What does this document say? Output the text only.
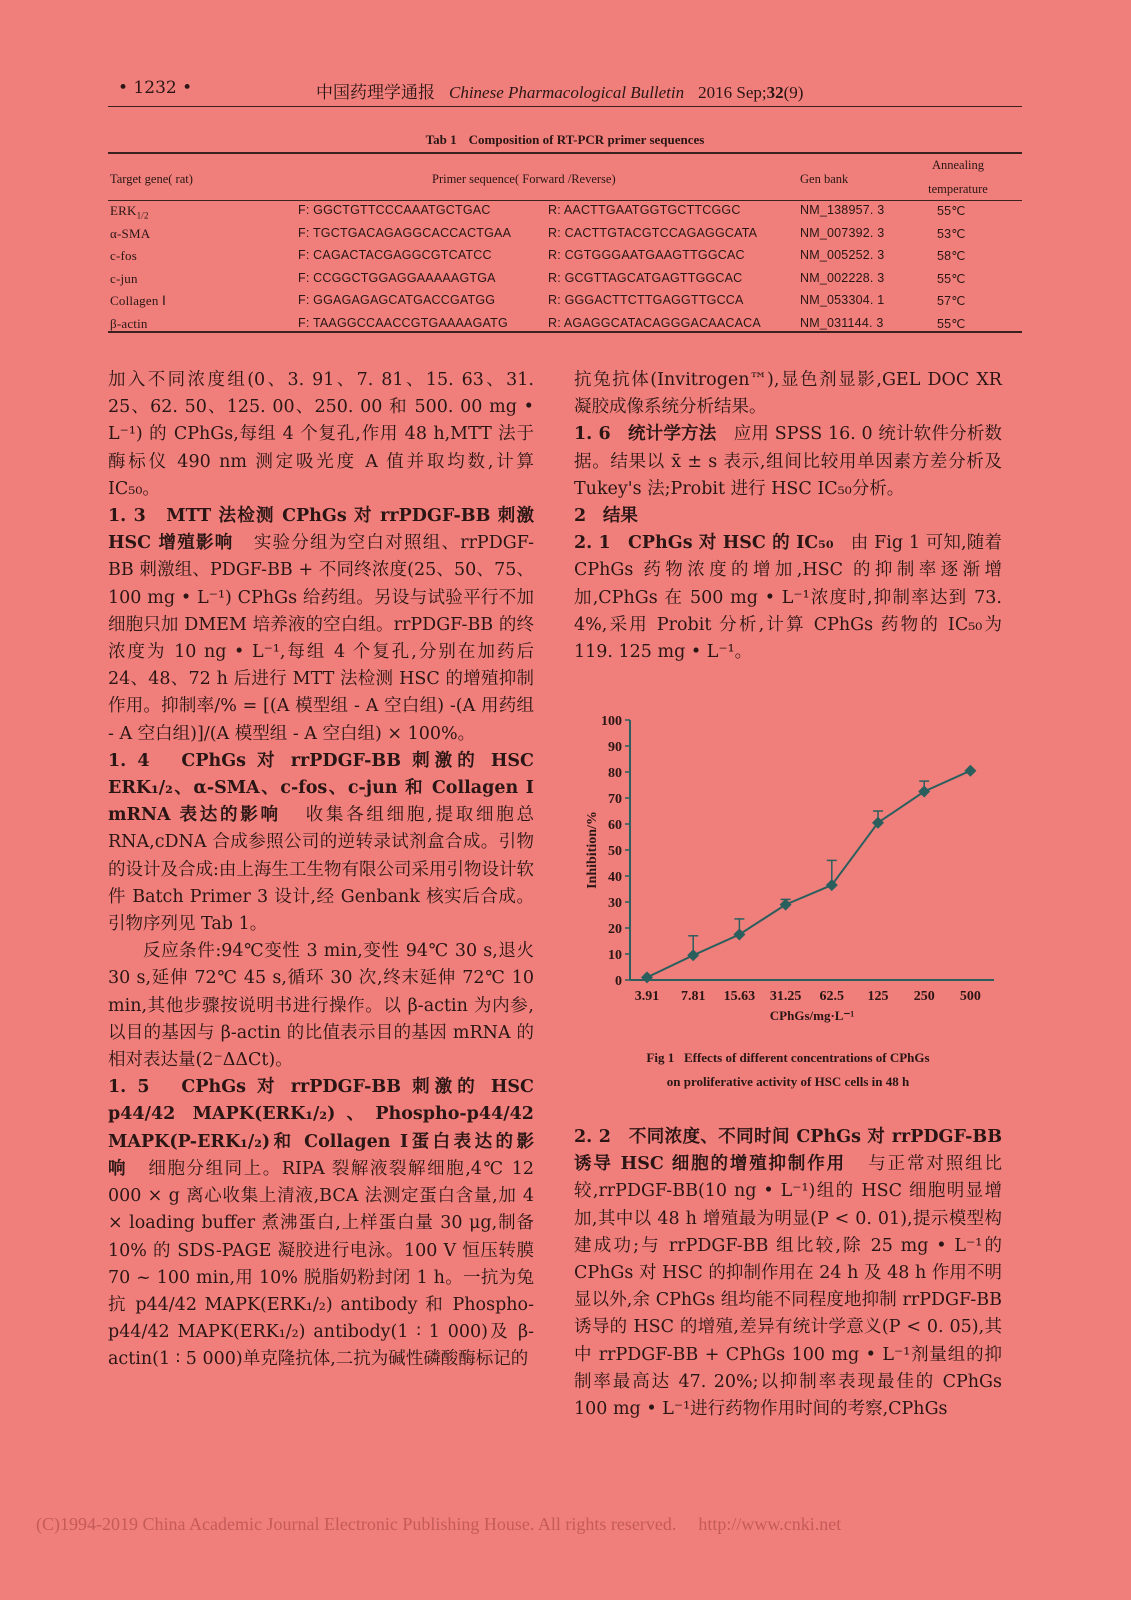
• 1232 •	中国药理学通报 Chinese Pharmacological Bulletin 2016 Sep;32(9)
Tab 1 Composition of RT-PCR primer sequences
Target gene( rat)	Primer sequence( Forward /Reverse)	Gen bank
Annealing
temperature
$ERK_{1/2}$	F: GGCTGTTCCCAAATGCTGAC	R: AACTTGAATGGTGCTTCGGC	NM_138957. 3	55℃
α-SMA	F: TGCTGACAGAGGCACCACTGAA	R: CACTTGTACGTCCAGAGGCATA	NM_007392. 3	53℃
c-fos	F: CAGACTACGAGGCGTCATCC	R: CGTGGGAATGAAGTTGGCAC	NM_005252. 3	58℃
c-jun	F: CCGGCTGGAGGAAAAAGTGA	R: GCGTTAGCATGAGTTGGCAC	NM_002228. 3	55℃
Collagen Ⅰ	F: GGAGAGAGCATGACCGATGG	R: GGGACTTCTTGAGGTTGCCA	NM_053304. 1	57℃
β-actin	F: TAAGGCCAACCGTGAAAAGATG	R: AGAGGCATACAGGGACAACACA	NM_031144. 3	55℃

加入不同浓度组(0、3. 91、7. 81、15. 63、31. 25、62. 50、125. 00、250. 00 和 500. 00 mg • L⁻¹) 的 CPhGs,每组 4 个复孔,作用 48 h,MTT 法于酶标仪 490 nm 测定吸光度 A 值并取均数,计算 IC₅₀。

1. 3 MTT 法检测 CPhGs 对 rrPDGF-BB 刺激 HSC 增殖影响 实验分组为空白对照组、rrPDGF-BB 刺激组、PDGF-BB + 不同终浓度(25、50、75、100 mg • L⁻¹) CPhGs 给药组。另设与试验平行不加细胞只加 DMEM 培养液的空白组。rrPDGF-BB 的终浓度为 10 ng • L⁻¹,每组 4 个复孔,分别在加药后 24、48、72 h 后进行 MTT 法检测 HSC 的增殖抑制作用。抑制率/% = [(A 模型组 - A 空白组) -(A 用药组 - A 空白组)]/(A 模型组 - A 空白组) × 100%。

1. 4 CPhGs 对 rrPDGF-BB 刺激的 HSC ERK₁/₂、α-SMA、c-fos、c-jun 和 Collagen Ⅰ mRNA 表达的影响 收集各组细胞,提取细胞总 RNA,cDNA 合成参照公司的逆转录试剂盒合成。引物的设计及合成:由上海生工生物有限公司采用引物设计软件 Batch Primer 3 设计,经 Genbank 核实后合成。引物序列见 Tab 1。

反应条件:94℃变性 3 min,变性 94℃ 30 s,退火 30 s,延伸 72℃ 45 s,循环 30 次,终末延伸 72℃ 10 min,其他步骤按说明书进行操作。以 β-actin 为内参,以目的基因与 β-actin 的比值表示目的基因 mRNA 的相对表达量(2⁻ΔΔCt)。

1. 5 CPhGs 对 rrPDGF-BB 刺激的 HSC p44/42 MAPK(ERK₁/₂)、Phospho-p44/42 MAPK(P-ERK₁/₂)和 Collagen Ⅰ蛋白表达的影响 细胞分组同上。RIPA 裂解液裂解细胞,4℃ 12 000 × g 离心收集上清液,BCA 法测定蛋白含量,加 4 × loading buffer 煮沸蛋白,上样蛋白量 30 μg,制备 10% 的 SDS-PAGE 凝胶进行电泳。100 V 恒压转膜 70 ~ 100 min,用 10% 脱脂奶粉封闭 1 h。一抗为兔抗 p44/42 MAPK(ERK₁/₂) antibody 和 Phospho-p44/42 MAPK(ERK₁/₂) antibody(1 ∶ 1 000)及 β-actin(1 ∶ 5 000)单克隆抗体,二抗为碱性磷酸酶标记的

抗兔抗体(Invitrogen™),显色剂显影,GEL DOC XR 凝胶成像系统分析结果。

1. 6 统计学方法 应用 SPSS 16. 0 统计软件分析数据。结果以 x̄ ± s 表示,组间比较用单因素方差分析及 Tukey's 法;Probit 进行 HSC IC₅₀分析。

2 结果

2. 1 CPhGs 对 HSC 的 IC₅₀ 由 Fig 1 可知,随着 CPhGs 药物浓度的增加,HSC 的抑制率逐渐增加,CPhGs 在 500 mg • L⁻¹浓度时,抑制率达到 73. 4%,采用 Probit 分析,计算 CPhGs 药物的 IC₅₀为 119. 125 mg • L⁻¹。

0
10
20
30
40
50
60
70
80
90
100
3.91 7.81 15.63 31.25 62.5 125 250 500
CPhGs/mg·L⁻¹
Inhibition/%
Fig 1 Effects of different concentrations of CPhGs
on proliferative activity of HSC cells in 48 h

2. 2 不同浓度、不同时间 CPhGs 对 rrPDGF-BB 诱导 HSC 细胞的增殖抑制作用 与正常对照组比较,rrPDGF-BB(10 ng • L⁻¹)组的 HSC 细胞明显增加,其中以 48 h 增殖最为明显(P < 0. 01),提示模型构建成功;与 rrPDGF-BB 组比较,除 25 mg • L⁻¹的 CPhGs 对 HSC 的抑制作用在 24 h 及 48 h 作用不明显以外,余 CPhGs 组均能不同程度地抑制 rrPDGF-BB 诱导的 HSC 的增殖,差异有统计学意义(P < 0. 05),其中 rrPDGF-BB + CPhGs 100 mg • L⁻¹剂量组的抑制率最高达 47. 20%;以抑制率表现最佳的 CPhGs 100 mg • L⁻¹进行药物作用时间的考察,CPhGs

(C)1994-2019 China Academic Journal Electronic Publishing House. All rights reserved. http://www.cnki.net
